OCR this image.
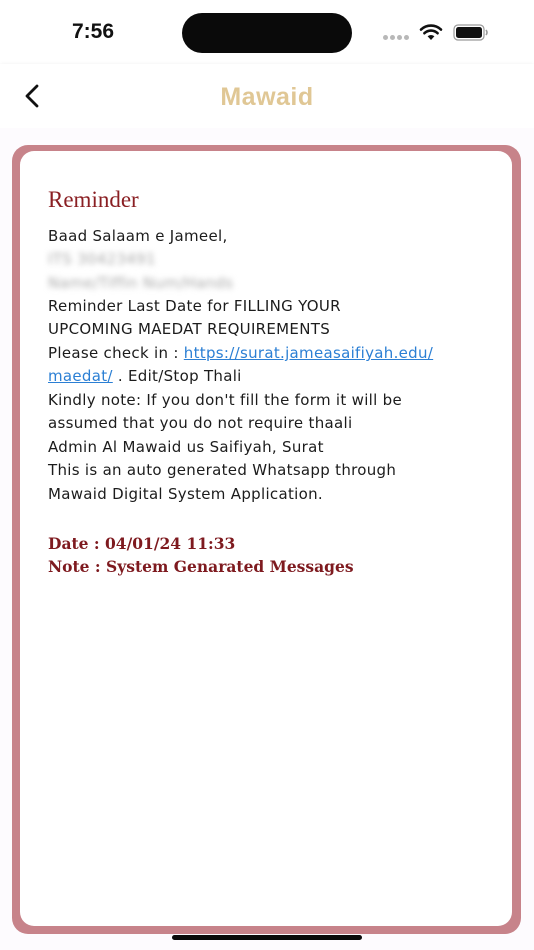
7:56
Mawaid
Reminder
Baad Salaam e Jameel,
ITS 30423491
Name/Tiffin Num/Hands
Reminder Last Date for FILLING YOUR
UPCOMING MAEDAT REQUIREMENTS
Please check in : https://surat.jameasaifiyah.edu/
maedat/ . Edit/Stop Thali
Kindly note: If you don't fill the form it will be
assumed that you do not require thaali
Admin Al Mawaid us Saifiyah, Surat
This is an auto generated Whatsapp through
Mawaid Digital System Application.
Date : 04/01/24 11:33
Note : System Genarated Messages
